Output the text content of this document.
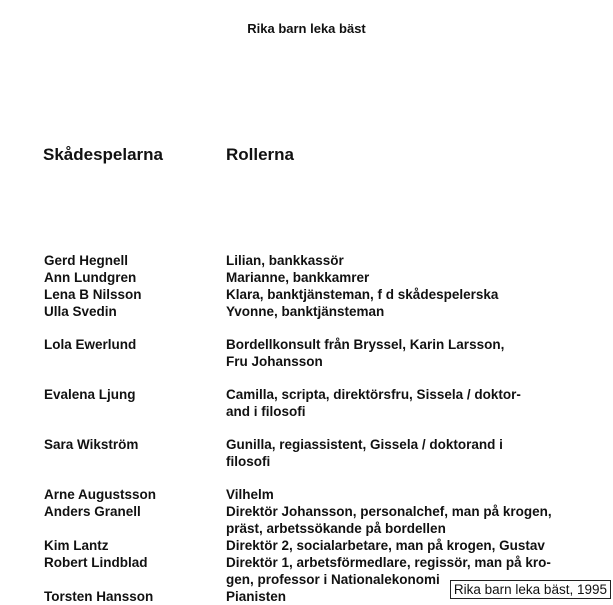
Rika barn leka bäst
Skådespelarna	Rollerna
Gerd Hegnell	Lilian, bankkassör
Ann Lundgren	Marianne, bankkamrer
Lena B Nilsson	Klara, banktjänsteman, f d skådespelerska
Ulla Svedin	Yvonne, banktjänsteman
Lola Ewerlund	Bordellkonsult från Bryssel, Karin Larsson,
Fru Johansson
Evalena Ljung	Camilla, scripta, direktörsfru, Sissela / doktor-
and i filosofi
Sara Wikström	Gunilla, regiassistent, Gissela / doktorand i
filosofi
Arne Augustsson	Vilhelm
Anders Granell	Direktör Johansson, personalchef, man på krogen,
präst, arbetssökande på bordellen
Kim Lantz	Direktör 2, socialarbetare, man på krogen, Gustav
Robert Lindblad	Direktör 1, arbetsförmedlare, regissör, man på kro-
gen, professor i Nationalekonomi
Torsten Hansson	Pianisten	Rika barn leka bäst, 1995
